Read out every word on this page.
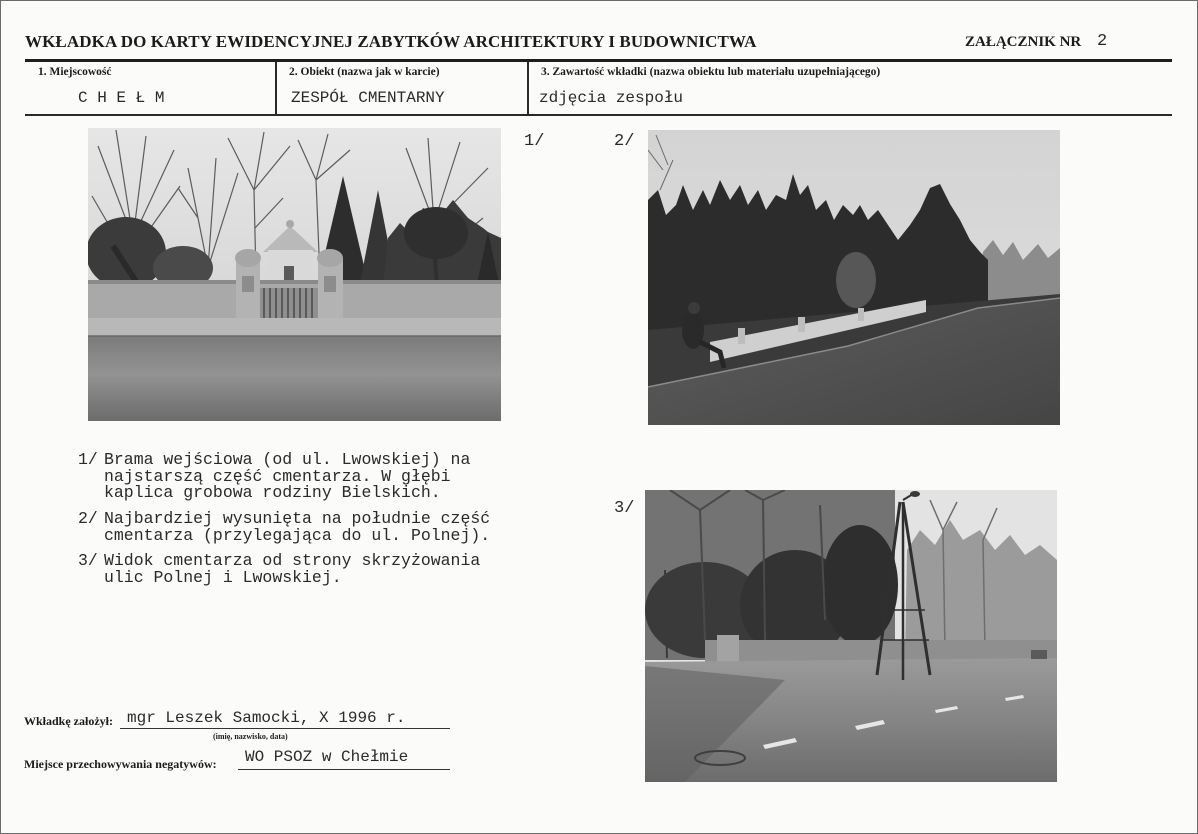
WKŁADKA DO KARTY EWIDENCYJNEJ ZABYTKÓW ARCHITEKTURY I BUDOWNICTWA	ZAŁĄCZNIK NR 2
1. Miejscowość	2. Obiekt (nazwa jak w karcie)	3. Zawartość wkładki (nazwa obiektu lub materiału uzupełniającego)
C H E Ł M	ZESPÓŁ CMENTARNY	zdjęcia zespołu
1/	2/
1/ Brama wejściowa (od ul. Lwowskiej) na
najstarszą część cmentarza. W głębi
kaplica grobowa rodziny Bielskich.
2/ Najbardziej wysunięta na południe część
cmentarza (przylegająca do ul. Polnej).
3/ Widok cmentarza od strony skrzyżowania
ulic Polnej i Lwowskiej.
3/
Wkładkę założył: mgr Leszek Samocki, X 1996 r.
(imię, nazwisko, data)
Miejsce przechowywania negatywów: WO PSOZ w Chełmie
